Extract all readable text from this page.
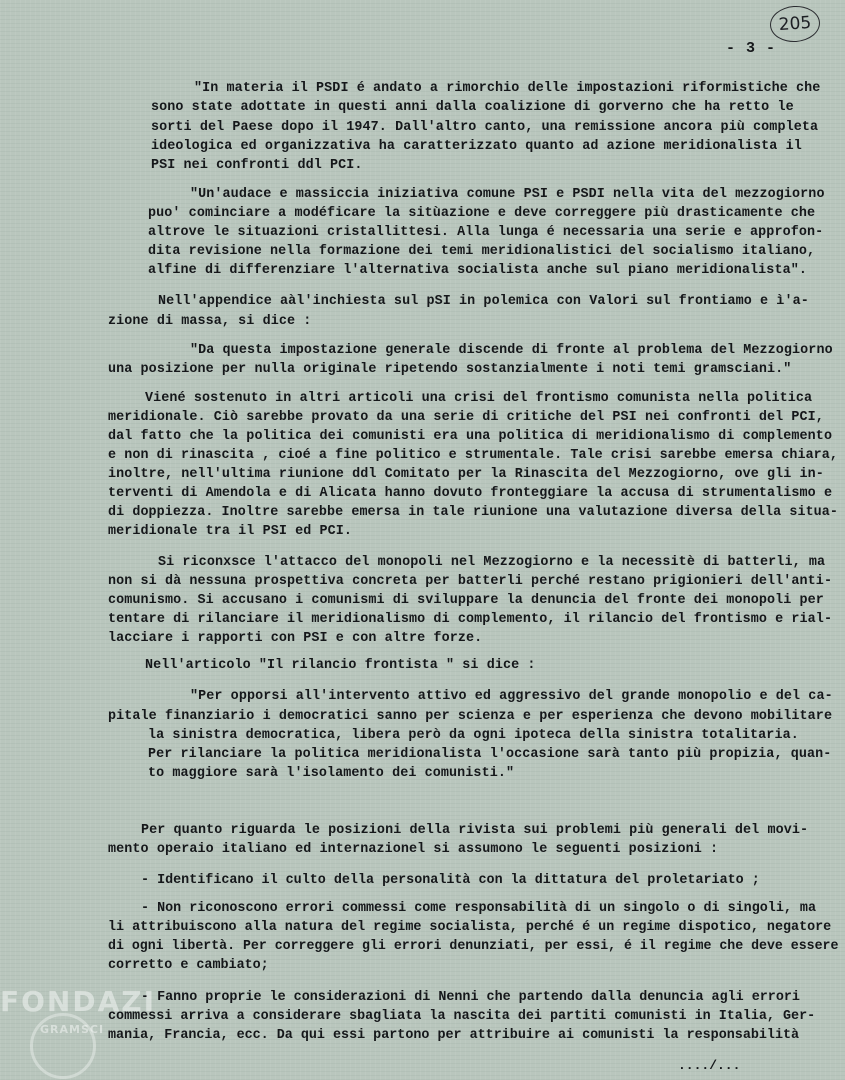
205
- 3 -
"In materia il PSDI é andato a rimorchio delle impostazioni riformistiche che
sono state adottate in questi anni dalla coalizione di gorverno che ha retto le
sorti del Paese dopo il 1947. Dall'altro canto, una remissione ancora più completa
ideologica ed organizzativa ha caratterizzato quanto ad azione meridionalista il
PSI nei confronti ddl PCI.
"Un'audace e massiccia iniziativa comune PSI e PSDI nella vita del mezzogiorno
puo' cominciare a modéficare la sitùazione e deve correggere più drasticamente che
altrove le situazioni cristallittesi. Alla lunga é necessaria una serie e approfon-
dita revisione nella formazione dei temi meridionalistici del socialismo italiano,
alfine di differenziare l'alternativa socialista anche sul piano meridionalista".
Nell'appendice aàl'inchiesta sul pSI in polemica con Valori sul frontiamo e ì'a-
zione di massa, si dice :
"Da questa impostazione generale discende di fronte al problema del Mezzogiorno
una posizione per nulla originale ripetendo sostanzialmente i noti temi gramsciani."
Viené sostenuto in altri articoli una crisi del frontismo comunista nella politica
meridionale. Ciò sarebbe provato da una serie di critiche del PSI nei confronti del PCI,
dal fatto che la politica dei comunisti era una politica di meridionalismo di complemento
e non di rinascita , cioé a fine politico e strumentale. Tale crisi sarebbe emersa chiara,
inoltre, nell'ultima riunione ddl Comitato per la Rinascita del Mezzogiorno, ove gli in-
terventi di Amendola e di Alicata hanno dovuto fronteggiare la accusa di strumentalismo e
di doppiezza. Inoltre sarebbe emersa in tale riunione una valutazione diversa della situa-
meridionale tra il PSI ed PCI.
Si riconxsce l'attacco del monopoli nel Mezzogiorno e la necessitè di batterli, ma
non si dà nessuna prospettiva concreta per batterli perché restano prigionieri dell'anti-
comunismo. Si accusano i comunismi di sviluppare la denuncia del fronte dei monopoli per
tentare di rilanciare il meridionalismo di complemento, il rilancio del frontismo e rial-
lacciare i rapporti con PSI e con altre forze.
Nell'articolo "Il rilancio frontista " si dice :
"Per opporsi all'intervento attivo ed aggressivo del grande monopolio e del ca-
pitale finanziario i democratici sanno per scienza e per esperienza che devono mobilitare
la sinistra democratica, libera però da ogni ipoteca della sinistra totalitaria.
Per rilanciare la politica meridionalista l'occasione sarà tanto più propizia, quan-
to maggiore sarà l'isolamento dei comunisti."
Per quanto riguarda le posizioni della rivista sui problemi più generali del movi-
mento operaio italiano ed internazionel si assumono le seguenti posizioni :
- Identificano il culto della personalità con la dittatura del proletariato ;
- Non riconoscono errori commessi come responsabilità di un singolo o di singoli, ma
li attribuiscono alla natura del regime socialista, perché é un regime dispotico, negatore
di ogni libertà. Per correggere gli errori denunziati, per essi, é il regime che deve essere
corretto e cambiato;
- Fanno proprie le considerazioni di Nenni che partendo dalla denuncia agli errori
commessi arriva a considerare sbagliata la nascita dei partiti comunisti in Italia, Ger-
mania, Francia, ecc. Da qui essi partono per attribuire ai comunisti la responsabilità
..../...
FONDAZI
GRAMSCI
